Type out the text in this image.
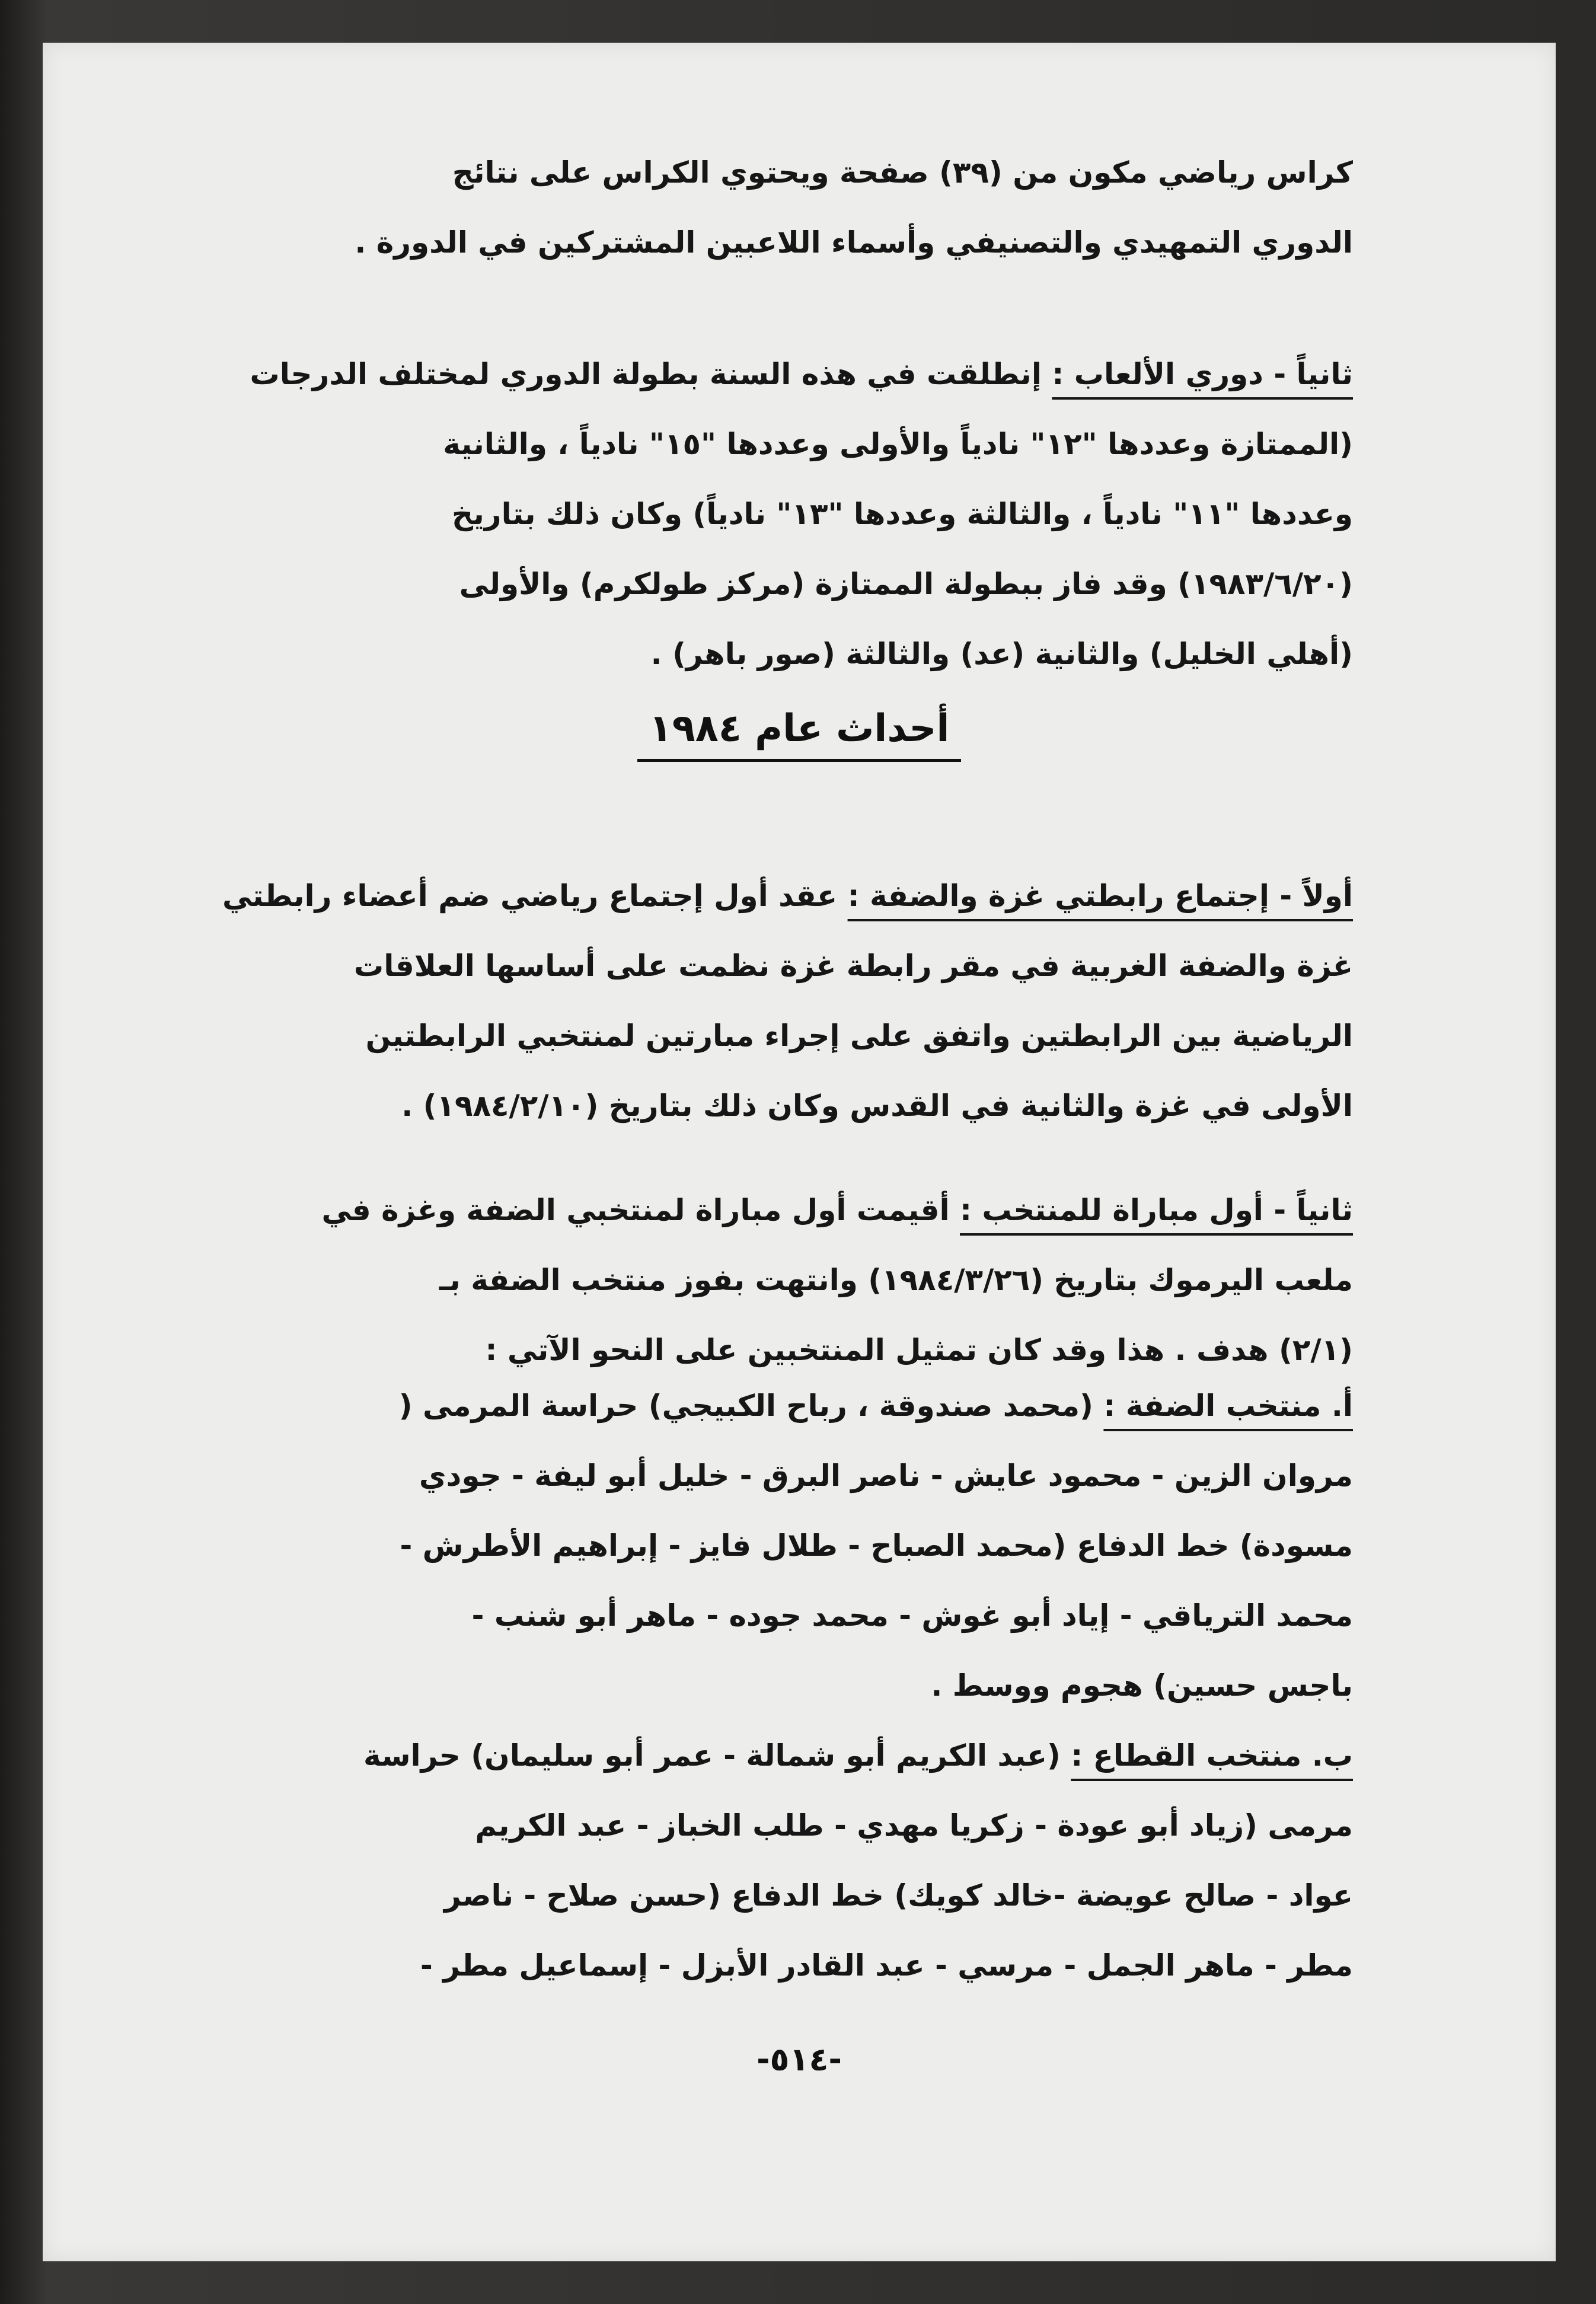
كراس رياضي مكون من (٣٩) صفحة ويحتوي الكراس على نتائج
الدوري التمهيدي والتصنيفي وأسماء اللاعبين المشتركين في الدورة .
ثانياً - دوري الألعاب : إنطلقت في هذه السنة بطولة الدوري لمختلف الدرجات
(الممتازة وعددها "١٢" نادياً والأولى وعددها "١٥" نادياً ، والثانية
وعددها "١١" نادياً ، والثالثة وعددها "١٣" نادياً) وكان ذلك بتاريخ
(١٩٨٣/٦/٢٠) وقد فاز ببطولة الممتازة (مركز طولكرم) والأولى
(أهلي الخليل) والثانية (عد) والثالثة (صور باهر) .
أحداث عام ١٩٨٤
أولاً - إجتماع رابطتي غزة والضفة : عقد أول إجتماع رياضي ضم أعضاء رابطتي
غزة والضفة الغربية في مقر رابطة غزة نظمت على أساسها العلاقات
الرياضية بين الرابطتين واتفق على إجراء مبارتين لمنتخبي الرابطتين
الأولى في غزة والثانية في القدس وكان ذلك بتاريخ (١٩٨٤/٢/١٠) .
ثانياً - أول مباراة للمنتخب : أقيمت أول مباراة لمنتخبي الضفة وغزة في
ملعب اليرموك بتاريخ (١٩٨٤/٣/٢٦) وانتهت بفوز منتخب الضفة بـ
(٢/١) هدف . هذا وقد كان تمثيل المنتخبين على النحو الآتي :
أ. منتخب الضفة : (محمد صندوقة ، رباح الكبيجي) حراسة المرمى (
مروان الزين - محمود عايش - ناصر البرق - خليل أبو ليفة - جودي
مسودة) خط الدفاع (محمد الصباح - طلال فايز - إبراهيم الأطرش -
محمد الترياقي - إياد أبو غوش - محمد جوده - ماهر أبو شنب -
باجس حسين) هجوم ووسط .
ب. منتخب القطاع : (عبد الكريم أبو شمالة - عمر أبو سليمان) حراسة
مرمى (زياد أبو عودة - زكريا مهدي - طلب الخباز - عبد الكريم
عواد - صالح عويضة -خالد كويك) خط الدفاع (حسن صلاح - ناصر
مطر - ماهر الجمل - مرسي - عبد القادر الأبزل - إسماعيل مطر -
-٥١٤-
